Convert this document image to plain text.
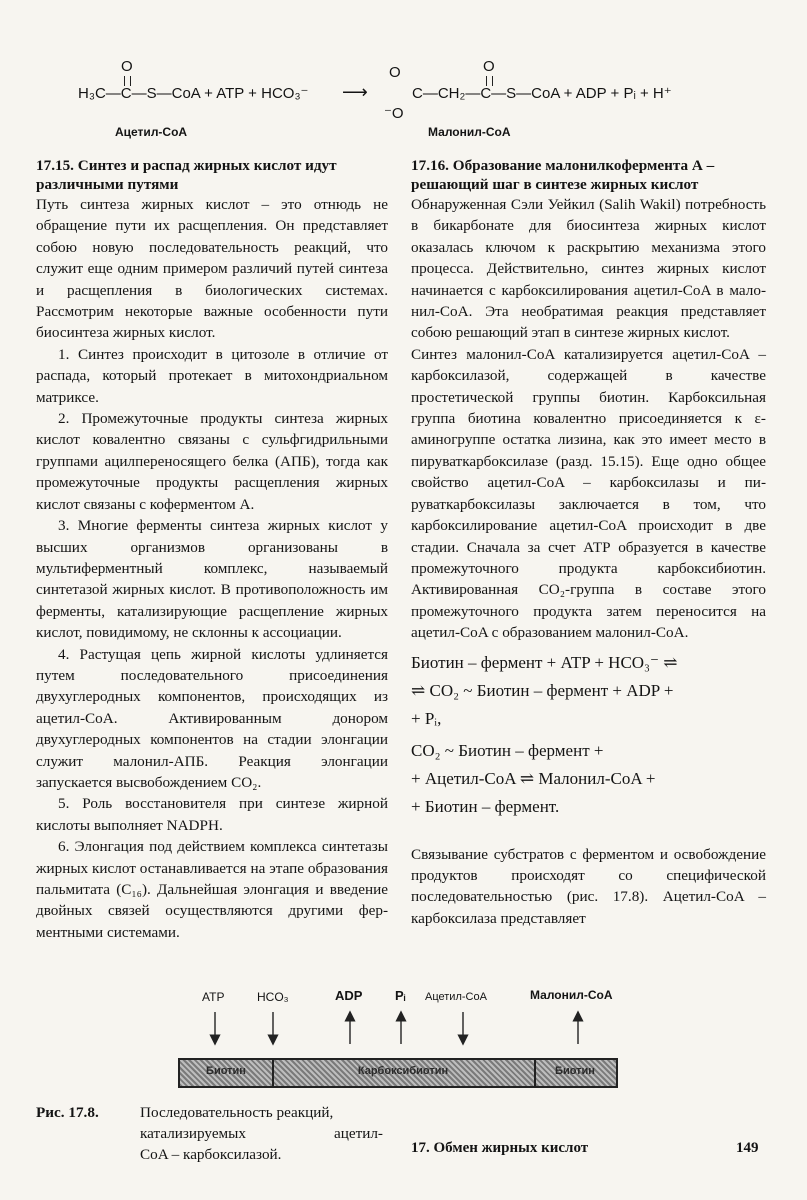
O
H₃C—C—S—CoA + ATP + HCO₃⁻ ⟶
O
⁻O
O
C—CH₂—C—S—CoA + ADP + Pᵢ + H⁺
Ацетил-CoA	Малонил-CoA

17.15. Синтез и распад жирных кислот идут различными путями

Путь синтеза жирных кислот – это отнюдь не обращение пути их расщепления. Он представляет собою новую последовательность реакций, что служит еще одним примером различий путей синтеза и расщепления в биологических системах. Рассмотрим некоторые важные особенности пути биосинтеза жирных кислот.

1. Синтез происходит в цитозоле в отличие от распада, который протекает в митохондриальном матриксе.

2. Промежуточные продукты синтеза жирных кислот ковалентно связаны с сульфгидрильными группами ацилпереносящего белка (АПБ), тогда как промежуточные продукты расщепления жирных кислот связаны с коферментом А.

3. Многие ферменты синтеза жирных кислот у высших организмов организованы в мультиферментный комплекс, называемый синтетазой жирных кислот. В противоположность им ферменты, катализирующие расщепление жирных кислот, повидимому, не склонны к ассоциации.

4. Растущая цепь жирной кислоты удлиняется путем последовательного присоединения двухуглеродных компонентов, происходящих из ацетил-CoA. Активированным донором двухуглеродных компонентов на стадии элонгации служит малонил-АПБ. Реакция элонгации запускается высвобождением CO₂.

5. Роль восстановителя при синтезе жирной кислоты выполняет NADPH.

6. Элонгация под действием комплекса синтетазы жирных кислот останавливается на этапе образования пальмитата (C₁₆). Дальнейшая элонгация и введение двойных связей осуществляются другими ферментными системами.

17.16. Образование малонилкофермента А – решающий шаг в синтезе жирных кислот

Обнаруженная Сэли Уейкил (Salih Wakil) потребность в бикарбонате для биосинтеза жирных кислот оказалась ключом к раскрытию механизма этого процесса. Действительно, синтез жирных кислот начинается с карбоксилирования ацетил-CoA в малонил-CoA. Эта необратимая реакция представляет собою решающий этап в синтезе жирных кислот.

Синтез малонил-CoA катализируется ацетил-CoA – карбоксилазой, содержащей в качестве простетической группы биотин. Карбоксильная группа биотина ковалентно присоединяется к ε-аминогруппе остатка лизина, как это имеет место в пируваткарбоксилазе (разд. 15.15). Еще одно общее свойство ацетил-CoA – карбоксилазы и пируваткарбоксилазы заключается в том, что карбоксилирование ацетил-CoA происходит в две стадии. Сначала за счет АТР образуется в качестве промежуточного продукта карбоксибиотин. Активированная CO₂-группа в составе этого промежуточного продукта затем переносится на ацетил-CoA с образованием малонил-CoA.

Биотин – фермент + ATP + HCO₃⁻ ⇌

⇌ CO₂ ~ Биотин – фермент + ADP +

+ Pᵢ,

CO₂ ~ Биотин – фермент +

+ Ацетил-CoA ⇌ Малонил-CoA +

+ Биотин – фермент.

Связывание субстратов с ферментом и освобождение продуктов происходят со специфической последовательностью (рис. 17.8). Ацетил-CoA – карбоксилаза представляет

ATP	HCO₃	ADP	Pᵢ Ацетил-CoA	Малонил-CoA
Биотин	Карбоксибиотин	Биотин
Рис. 17.8.	Последовательность реакций,
катализируемых ацетил-
CoA – карбоксилазой.	17. Обмен жирных кислот	149
